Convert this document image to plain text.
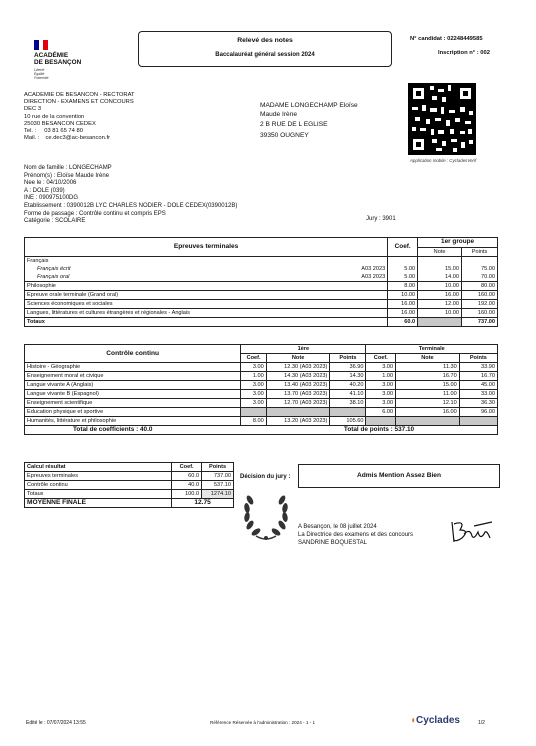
ACADÉMIE
DE BESANÇON
Liberté
Égalité
Fraternité
Relevé des notes
Baccalauréat général session 2024
N° candidat : 02248449585
Inscription n° : 002
ACADEMIE DE BESANCON - RECTORAT
DIRECTION - EXAMENS ET CONCOURS
DEC 3
10 rue de la convention
25030 BESANCON CEDEX
Tel. : 03 81 65 74 80
Mail. : ce.dec3@ac-besancon.fr
MADAME LONGECHAMP Eloïse
Maude Irène
2 B RUE DE L EGLISE
39350 OUGNEY
Application mobile : CycladesVerif
Nom de famille : LONGECHAMP
Prénom(s) : Eloïse Maude Irène
Nee le : 04/10/2006
A : DOLE (039)
INE : 090975100DG
Etablissement : 0390012B LYC CHARLES NODIER - DOLE CEDEX(0390012B)
Forme de passage : Contrôle continu et compris EPS
Catégorie : SCOLAIRE	Jury : 3901
Epreuves terminales		Coef.	1er groupe	
			Note	Points
Français				
Français écrit	A03 2023	5.00	15.00	75.00
Français oral	A03 2023	5.00	14.00	70.00
Philosophie		8.00	10.00	80.00
Epreuve orale terminale (Grand oral)		10.00	16.00	160.00
Sciences économiques et sociales		16.00	12.00	192.00
Langues, littératures et cultures étrangères et régionales - Anglais		16.00	10.00	160.00
Totaux		60.0		737.00
Contrôle continu	1ère			Terminale		
	Coef.	Note	Points	Coef.	Note	Points
Histoire - Géographie	3.00	12.30 (A03 2023)	36.90	3.00	11.30	33.90
Enseignement moral et civique	1.00	14.30 (A03 2023)	14.30	1.00	16.70	16.70
Langue vivante A (Anglais)	3.00	13.40 (A03 2023)	40.20	3.00	15.00	45.00
Langue vivante B (Espagnol)	3.00	13.70 (A03 2023)	41.10	3.00	11.00	33.00
Enseignement scientifique	3.00	12.70 (A03 2023)	38.10	3.00	12.10	36.30
Education physique et sportive				6.00	16.00	96.00
Humanités, littérature et philosophie	8.00	13.20 (A03 2023)	105.60			
Total de coefficients : 40.0			Total de points : 537.10			
Calcul résultat	Coef.	Points
Epreuves terminales	60.0	737.00
Contrôle continu	40.0	537.10
Totaux	100.0	1274.10
MOYENNE FINALE	12.75	
Décision du jury :	Admis Mention Assez Bien
A Besançon, le 08 juillet 2024
La Directrice des examens et des concours
SANDRINE BOQUESTAL
Edité le : 07/07/2024 13:55	Référence Réservée à l'administration : 2024 - 1 - 1	◖Cyclades	1/2
